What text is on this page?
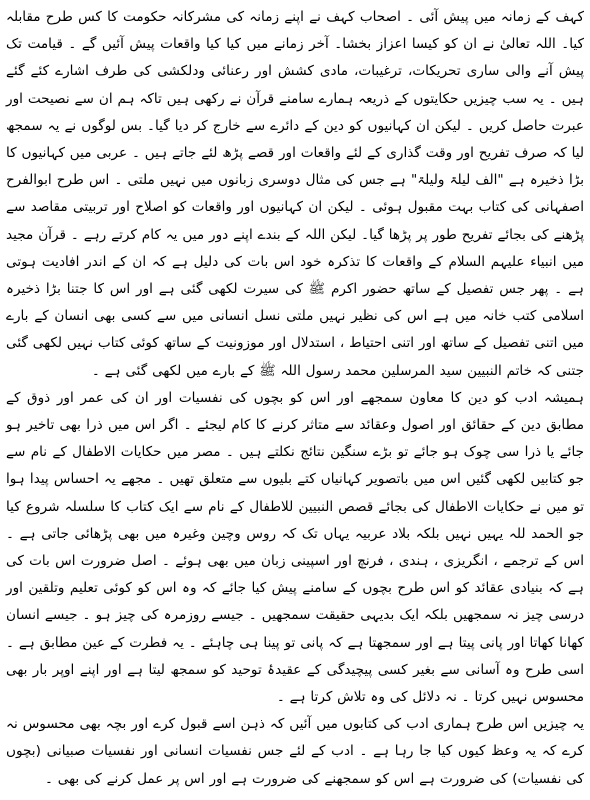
کہف کے زمانہ میں پیش آئی ۔ اصحاب کہف نے اپنے زمانہ کی مشرکانہ حکومت کا کس طرح مقابلہ کیا۔ اللہ تعالیٰ نے ان کو کیسا اعزاز بخشا۔ آخر زمانے میں کیا کیا واقعات پیش آئیں گے ۔ قیامت تک پیش آنے والی ساری تحریکات، ترغیبات، مادی کشش اور رعنائی ودلکشی کی طرف اشارے کئے گئے ہیں ۔ یہ سب چیزیں حکایتوں کے ذریعہ ہمارے سامنے قرآن نے رکھی ہیں تاکہ ہم ان سے نصیحت اور عبرت حاصل کریں ۔ لیکن ان کہانیوں کو دین کے دائرے سے خارج کر دیا گیا۔ بس لوگوں نے یہ سمجھ لیا کہ صرف تفریح اور وقت گذاری کے لئے واقعات اور قصے پڑھ لئے جاتے ہیں ۔ عربی میں کہانیوں کا بڑا ذخیرہ ہے "الف لیلۃ ولیلۃ" ہے جس کی مثال دوسری زبانوں میں نہیں ملتی ۔ اس طرح ابوالفرح اصفہانی کی کتاب بہت مقبول ہوئی ۔ لیکن ان کہانیوں اور واقعات کو اصلاح اور تربیتی مقاصد سے پڑھنے کی بجائے تفریح طور پر پڑھا گیا۔ لیکن اللہ کے بندے اپنے دور میں یہ کام کرتے رہے ۔ قرآن مجید میں انبیاء علیہم السلام کے واقعات کا تذکرہ خود اس بات کی دلیل ہے کہ ان کے اندر افادیت ہوتی ہے ۔ پھر جس تفصیل کے ساتھ حضور اکرم ﷺ کی سیرت لکھی گئی ہے اور اس کا جتنا بڑا ذخیرہ اسلامی کتب خانہ میں ہے اس کی نظیر نہیں ملتی نسل انسانی میں سے کسی بھی انسان کے بارے میں اتنی تفصیل کے ساتھ اور اتنی احتیاط ، استدلال اور موزونیت کے ساتھ کوئی کتاب نہیں لکھی گئی جتنی کہ خاتم النبیین سید المرسلین محمد رسول اللہ ﷺ کے بارے میں لکھی گئی ہے ۔

ہمیشہ ادب کو دین کا معاون سمجھے اور اس کو بچوں کی نفسیات اور ان کی عمر اور ذوق کے مطابق دین کے حقائق اور اصول وعقائد سے متاثر کرنے کا کام لیجئے ۔ اگر اس میں ذرا بھی تاخیر ہو جائے یا ذرا سی چوک ہو جائے تو بڑے سنگین نتائج نکلتے ہیں ۔ مصر میں حکایات الاطفال کے نام سے جو کتابیں لکھی گئیں اس میں باتصویر کہانیاں کتے بلیوں سے متعلق تھیں ۔ مجھے یہ احساس پیدا ہوا تو میں نے حکایات الاطفال کی بجائے قصص النبیین للاطفال کے نام سے ایک کتاب کا سلسلہ شروع کیا جو الحمد للہ یہیں نہیں بلکہ بلاد عربیہ یہاں تک کہ روس وچین وغیرہ میں بھی پڑھائی جاتی ہے ۔ اس کے ترجمے ، انگریزی ، ہندی ، فرنچ اور اسپینی زبان میں بھی ہوئے ۔ اصل ضرورت اس بات کی ہے کہ بنیادی عقائد کو اس طرح بچوں کے سامنے پیش کیا جائے کہ وہ اس کو کوئی تعلیم وتلقین اور درسی چیز نہ سمجھیں بلکہ ایک بدیہی حقیقت سمجھیں ۔ جیسے روزمرہ کی چیز ہو ۔ جیسے انسان کھانا کھاتا اور پانی پیتا ہے اور سمجھتا ہے کہ پانی تو پینا ہی چاہئے ۔ یہ فطرت کے عین مطابق ہے ۔ اسی طرح وہ آسانی سے بغیر کسی پیچیدگی کے عقیدۂ توحید کو سمجھ لیتا ہے اور اپنے اوپر بار بھی محسوس نہیں کرتا ۔ نہ دلائل کی وہ تلاش کرتا ہے ۔

یہ چیزیں اس طرح ہماری ادب کی کتابوں میں آئیں کہ ذہن اسے قبول کرے اور بچہ بھی محسوس نہ کرے کہ یہ وعظ کیوں کیا جا رہا ہے ۔ ادب کے لئے جس نفسیات انسانی اور نفسیات صبیانی (بچوں کی نفسیات) کی ضرورت ہے اس کو سمجھنے کی ضرورت ہے اور اس پر عمل کرنے کی بھی ۔
